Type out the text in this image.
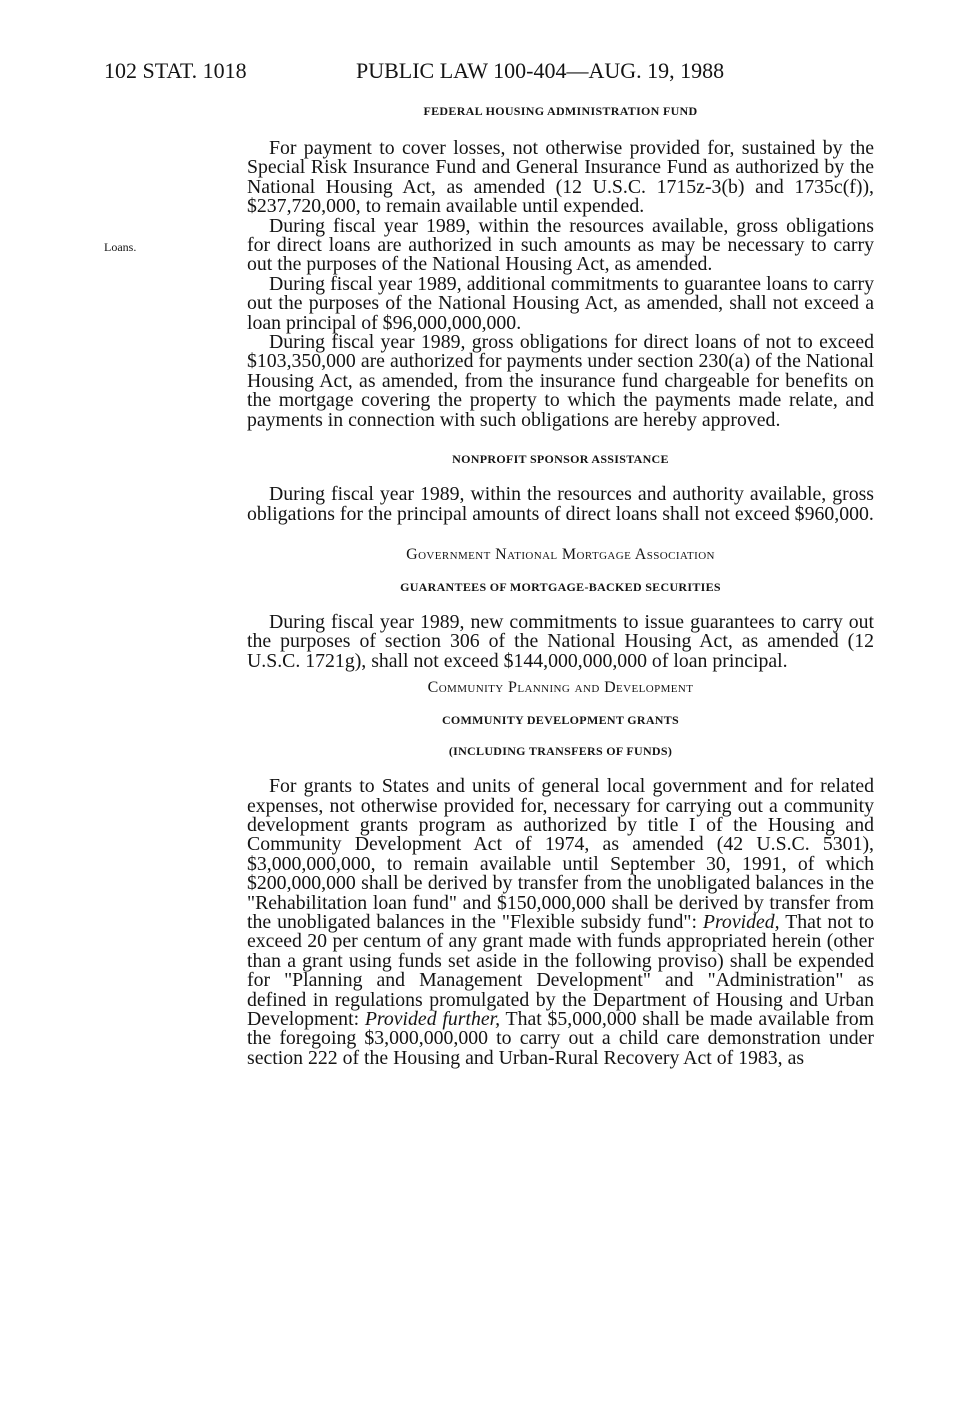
102 STAT. 1018	PUBLIC LAW 100-404—AUG. 19, 1988
Loans.

FEDERAL HOUSING ADMINISTRATION FUND

For payment to cover losses, not otherwise provided for, sustained by the Special Risk Insurance Fund and General Insurance Fund as authorized by the National Housing Act, as amended (12 U.S.C. 1715z-3(b) and 1735c(f)), $237,720,000, to remain available until expended.

During fiscal year 1989, within the resources available, gross obligations for direct loans are authorized in such amounts as may be necessary to carry out the purposes of the National Housing Act, as amended.

During fiscal year 1989, additional commitments to guarantee loans to carry out the purposes of the National Housing Act, as amended, shall not exceed a loan principal of $96,000,000,000.

During fiscal year 1989, gross obligations for direct loans of not to exceed $103,350,000 are authorized for payments under section 230(a) of the National Housing Act, as amended, from the insurance fund chargeable for benefits on the mortgage covering the property to which the payments made relate, and payments in connection with such obligations are hereby approved.

NONPROFIT SPONSOR ASSISTANCE

During fiscal year 1989, within the resources and authority available, gross obligations for the principal amounts of direct loans shall not exceed $960,000.

Government National Mortgage Association

GUARANTEES OF MORTGAGE-BACKED SECURITIES

During fiscal year 1989, new commitments to issue guarantees to carry out the purposes of section 306 of the National Housing Act, as amended (12 U.S.C. 1721g), shall not exceed $144,000,000,000 of loan principal.

Community Planning and Development

COMMUNITY DEVELOPMENT GRANTS

(INCLUDING TRANSFERS OF FUNDS)

For grants to States and units of general local government and for related expenses, not otherwise provided for, necessary for carrying out a community development grants program as authorized by title I of the Housing and Community Development Act of 1974, as amended (42 U.S.C. 5301), $3,000,000,000, to remain available until September 30, 1991, of which $200,000,000 shall be derived by transfer from the unobligated balances in the "Rehabilitation loan fund" and $150,000,000 shall be derived by transfer from the unobligated balances in the "Flexible subsidy fund": Provided, That not to exceed 20 per centum of any grant made with funds appropriated herein (other than a grant using funds set aside in the following proviso) shall be expended for "Planning and Management Development" and "Administration" as defined in regulations promulgated by the Department of Housing and Urban Development: Provided further, That $5,000,000 shall be made available from the foregoing $3,000,000,000 to carry out a child care demonstration under section 222 of the Housing and Urban-Rural Recovery Act of 1983, as
